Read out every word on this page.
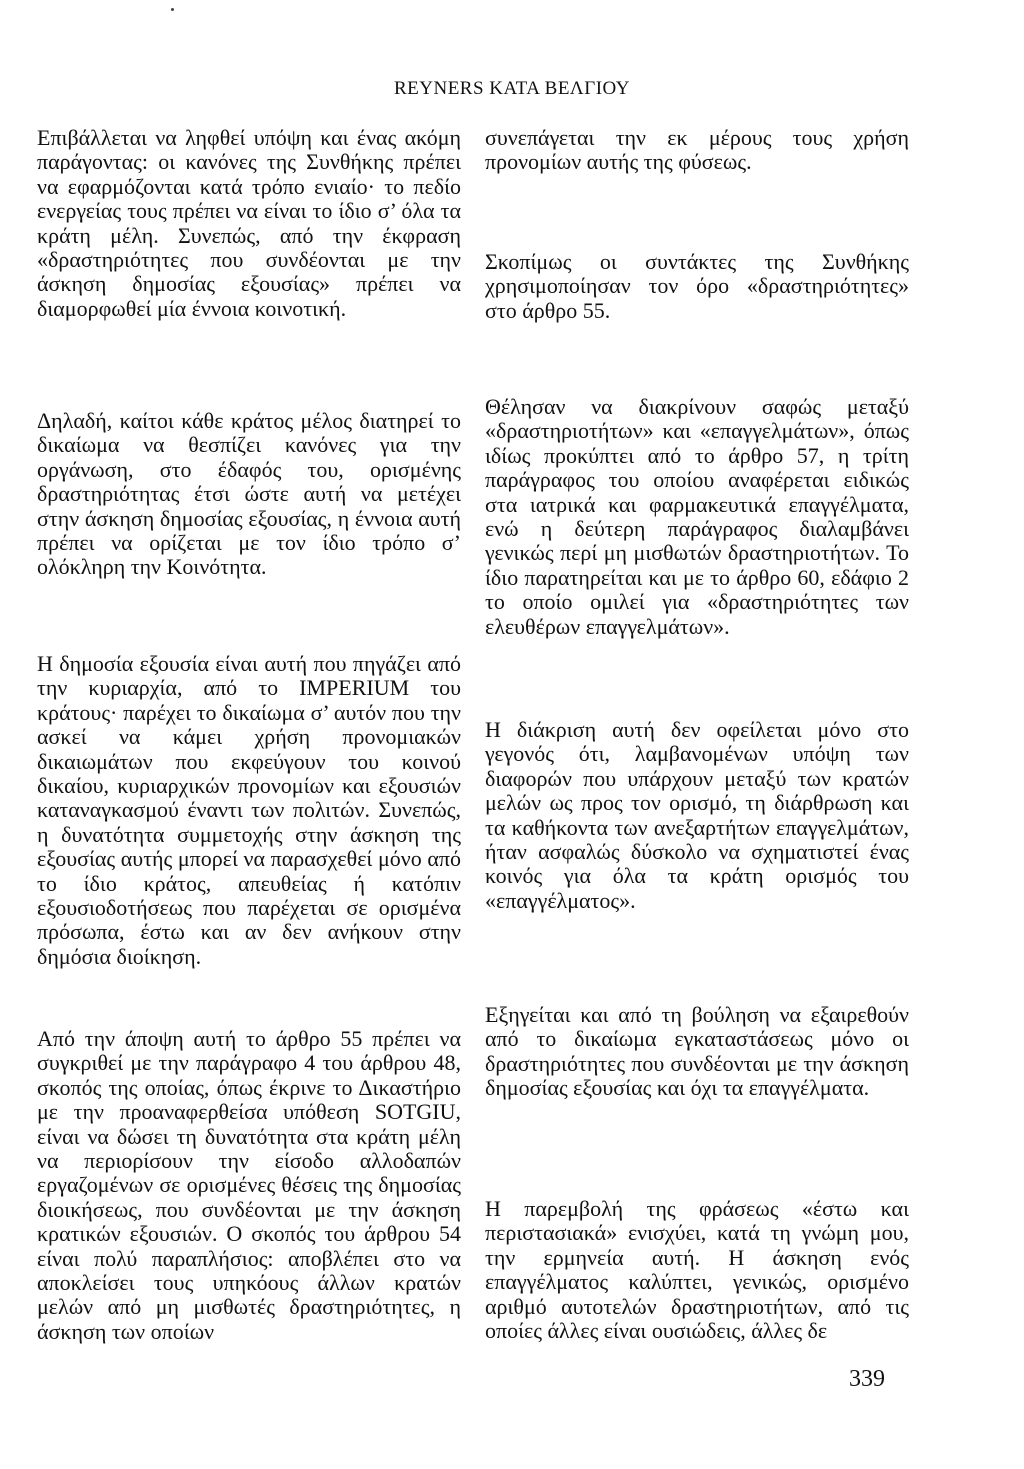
REYNERS ΚΑΤΑ ΒΕΛΓΙΟΥ

Επιβάλλεται να ληφθεί υπόψη και ένας ακόμη παράγοντας: οι κανόνες της Συνθήκης πρέπει να εφαρμόζονται κατά τρόπο ενιαίο· το πεδίο ενεργείας τους πρέπει να είναι το ίδιο σ’ όλα τα κράτη μέλη. Συνεπώς, από την έκφραση «δραστηριότητες που συνδέονται με την άσκηση δημοσίας εξουσίας» πρέπει να διαμορφωθεί μία έννοια κοινοτική.

Δηλαδή, καίτοι κάθε κράτος μέλος διατηρεί το δικαίωμα να θεσπίζει κανόνες για την οργάνωση, στο έδαφός του, ορισμένης δραστηριότητας έτσι ώστε αυτή να μετέχει στην άσκηση δημοσίας εξουσίας, η έννοια αυτή πρέπει να ορίζεται με τον ίδιο τρόπο σ’ ολόκληρη την Κοινότητα.

Η δημοσία εξουσία είναι αυτή που πηγάζει από την κυριαρχία, από το IMPERIUM του κράτους· παρέχει το δικαίωμα σ’ αυτόν που την ασκεί να κάμει χρήση προνομιακών δικαιωμάτων που εκφεύγουν του κοινού δικαίου, κυριαρχικών προνομίων και εξουσιών καταναγκασμού έναντι των πολιτών. Συνεπώς, η δυνατότητα συμμετοχής στην άσκηση της εξουσίας αυτής μπορεί να παρασχεθεί μόνο από το ίδιο κράτος, απευθείας ή κατόπιν εξουσιοδοτήσεως που παρέχεται σε ορισμένα πρόσωπα, έστω και αν δεν ανήκουν στην δημόσια διοίκηση.

Από την άποψη αυτή το άρθρο 55 πρέπει να συγκριθεί με την παράγραφο 4 του άρθρου 48, σκοπός της οποίας, όπως έκρινε το Δικαστήριο με την προαναφερθείσα υπόθεση SOTGIU, είναι να δώσει τη δυνατότητα στα κράτη μέλη να περιορίσουν την είσοδο αλλοδαπών εργαζομένων σε ορισμένες θέσεις της δημοσίας διοικήσεως, που συνδέονται με την άσκηση κρατικών εξουσιών. Ο σκοπός του άρθρου 54 είναι πολύ παραπλήσιος: αποβλέπει στο να αποκλείσει τους υπηκόους άλλων κρατών μελών από μη μισθωτές δραστηριότητες, η άσκηση των οποίων

συνεπάγεται την εκ μέρους τους χρήση προνομίων αυτής της φύσεως.

Σκοπίμως οι συντάκτες της Συνθήκης χρησιμοποίησαν τον όρο «δραστηριότητες» στο άρθρο 55.

Θέλησαν να διακρίνουν σαφώς μεταξύ «δραστηριοτήτων» και «επαγγελμάτων», όπως ιδίως προκύπτει από το άρθρο 57, η τρίτη παράγραφος του οποίου αναφέρεται ειδικώς στα ιατρικά και φαρμακευτικά επαγγέλματα, ενώ η δεύτερη παράγραφος διαλαμβάνει γενικώς περί μη μισθωτών δραστηριοτήτων. Το ίδιο παρατηρείται και με το άρθρο 60, εδάφιο 2 το οποίο ομιλεί για «δραστηριότητες των ελευθέρων επαγγελμάτων».

Η διάκριση αυτή δεν οφείλεται μόνο στο γεγονός ότι, λαμβανομένων υπόψη των διαφορών που υπάρχουν μεταξύ των κρατών μελών ως προς τον ορισμό, τη διάρθρωση και τα καθήκοντα των ανεξαρτήτων επαγγελμάτων, ήταν ασφαλώς δύσκολο να σχηματιστεί ένας κοινός για όλα τα κράτη ορισμός του «επαγγέλματος».

Εξηγείται και από τη βούληση να εξαιρεθούν από το δικαίωμα εγκαταστάσεως μόνο οι δραστηριότητες που συνδέονται με την άσκηση δημοσίας εξουσίας και όχι τα επαγγέλματα.

Η παρεμβολή της φράσεως «έστω και περιστασιακά» ενισχύει, κατά τη γνώμη μου, την ερμηνεία αυτή. Η άσκηση ενός επαγγέλματος καλύπτει, γενικώς, ορισμένο αριθμό αυτοτελών δραστηριοτήτων, από τις οποίες άλλες είναι ουσιώδεις, άλλες δε

339
